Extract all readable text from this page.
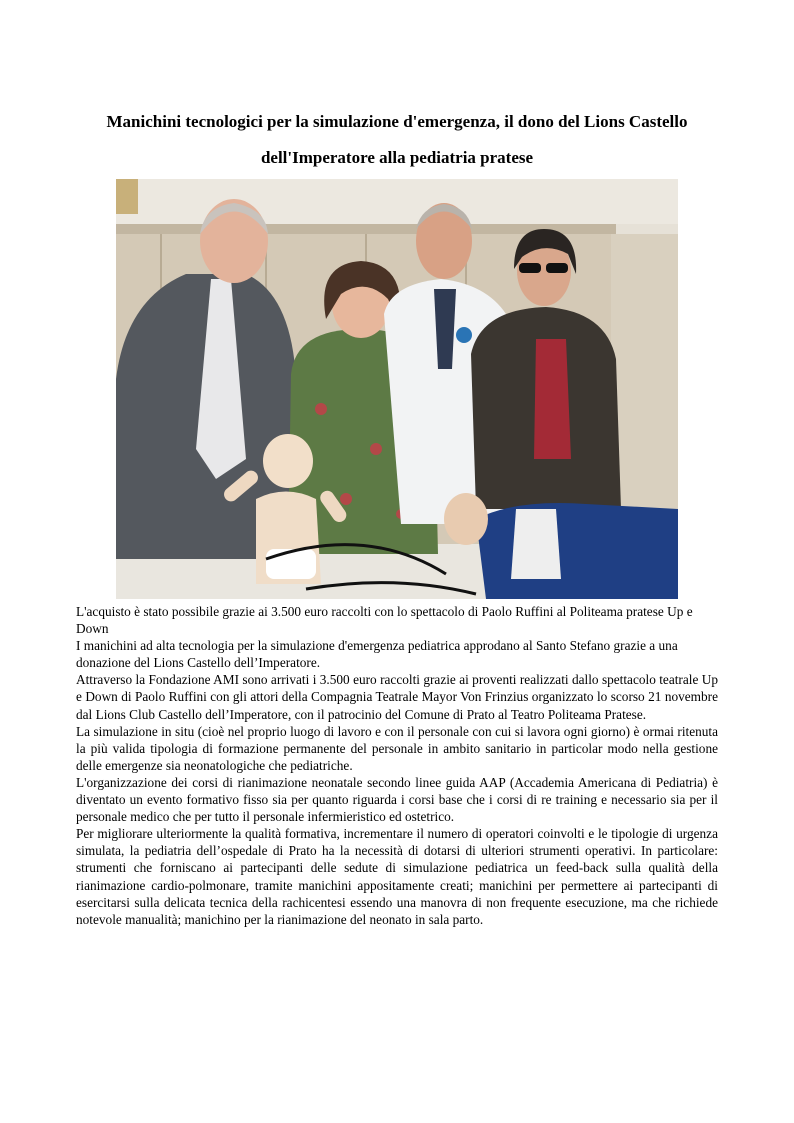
Manichini tecnologici per la simulazione d'emergenza, il dono del Lions Castello dell'Imperatore alla pediatria pratese

L'acquisto è stato possibile grazie ai 3.500 euro raccolti con lo spettacolo di Paolo Ruffini al Politeama pratese Up e Down

I manichini ad alta tecnologia per la simulazione d'emergenza pediatrica approdano al Santo Stefano grazie a una donazione del Lions Castello dell’Imperatore.

Attraverso la Fondazione AMI sono arrivati i 3.500 euro raccolti grazie ai proventi realizzati dallo spettacolo teatrale Up e Down di Paolo Ruffini con gli attori della Compagnia Teatrale Mayor Von Frinzius organizzato lo scorso 21 novembre dal Lions Club Castello dell’Imperatore, con il patrocinio del Comune di Prato al Teatro Politeama Pratese.

La simulazione in situ (cioè nel proprio luogo di lavoro e con il personale con cui si lavora ogni giorno) è ormai ritenuta la più valida tipologia di formazione permanente del personale in ambito sanitario in particolar modo nella gestione delle emergenze sia neonatologiche che pediatriche.

L'organizzazione dei corsi di rianimazione neonatale secondo linee guida AAP (Accademia Americana di Pediatria) è diventato un evento formativo fisso sia per quanto riguarda i corsi base che i corsi di re training e necessario sia per il personale medico che per tutto il personale infermieristico ed ostetrico.

Per migliorare ulteriormente la qualità formativa, incrementare il numero di operatori coinvolti e le tipologie di urgenza simulata, la pediatria dell’ospedale di Prato ha la necessità di dotarsi di ulteriori strumenti operativi. In particolare: strumenti che forniscano ai partecipanti delle sedute di simulazione pediatrica un feed-back sulla qualità della rianimazione cardio-polmonare, tramite manichini appositamente creati; manichini per permettere ai partecipanti di esercitarsi sulla delicata tecnica della rachicentesi essendo una manovra di non frequente esecuzione, ma che richiede notevole manualità; manichino per la rianimazione del neonato in sala parto.
